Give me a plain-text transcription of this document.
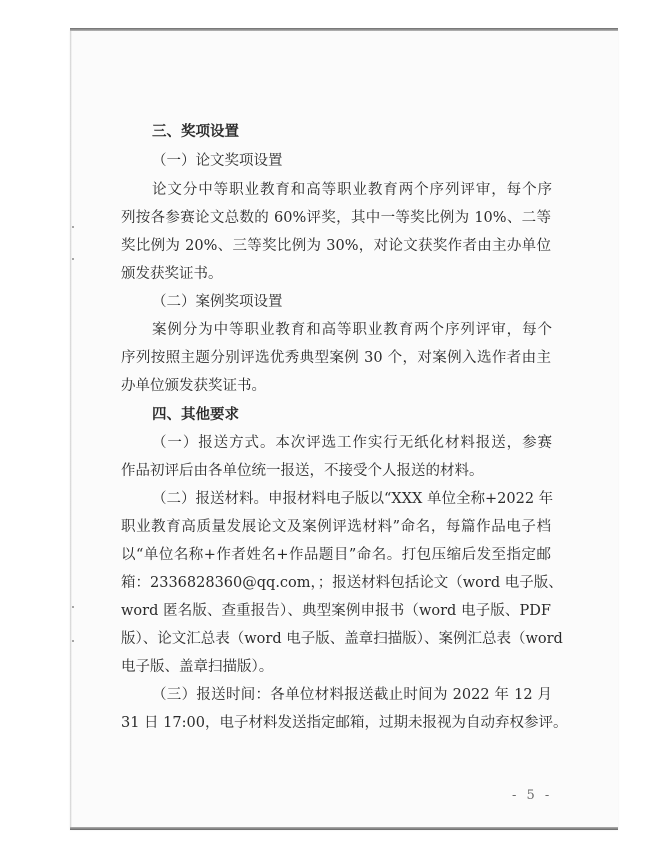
三、奖项设置
（一）论文奖项设置
论文分中等职业教育和高等职业教育两个序列评审，每个序
列按各参赛论文总数的 60%评奖，其中一等奖比例为 10%、二等
奖比例为 20%、三等奖比例为 30%，对论文获奖作者由主办单位
颁发获奖证书。
（二）案例奖项设置
案例分为中等职业教育和高等职业教育两个序列评审，每个
序列按照主题分别评选优秀典型案例 30 个，对案例入选作者由主
办单位颁发获奖证书。
四、其他要求
（一）报送方式。本次评选工作实行无纸化材料报送，参赛
作品初评后由各单位统一报送，不接受个人报送的材料。
（二）报送材料。申报材料电子版以“XXX 单位全称+2022 年
职业教育高质量发展论文及案例评选材料”命名，每篇作品电子档
以“单位名称+作者姓名+作品题目”命名。打包压缩后发至指定邮
箱：2336828360@qq.com，；报送材料包括论文（word 电子版、
word 匿名版、查重报告）、典型案例申报书（word 电子版、PDF
版）、论文汇总表（word 电子版、盖章扫描版）、案例汇总表（word
电子版、盖章扫描版）。
（三）报送时间：各单位材料报送截止时间为 2022 年 12 月
31 日 17:00，电子材料发送指定邮箱，过期未报视为自动弃权参评。
- 5 -
